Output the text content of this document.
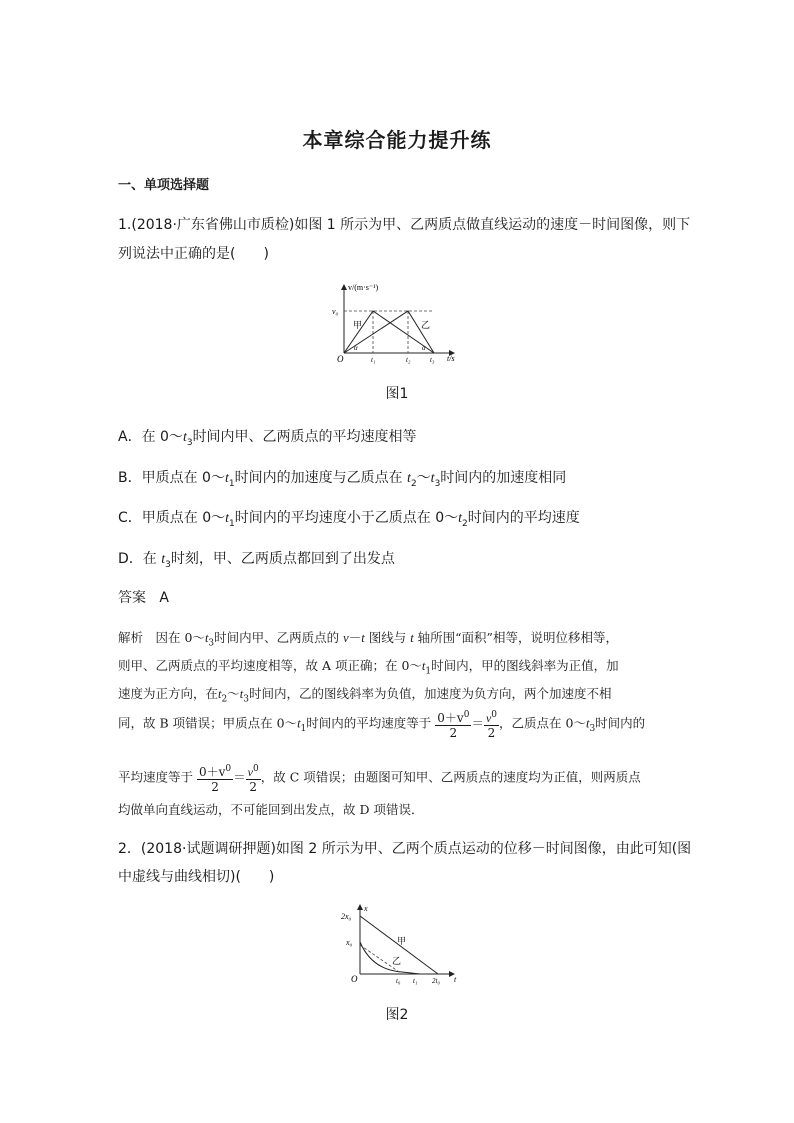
本章综合能力提升练
一、单项选择题
1.(2018·广东省佛山市质检)如图 1 所示为甲、乙两质点做直线运动的速度－时间图像，则下
列说法中正确的是(　　)
v/(m·s⁻¹)
v₀
O	t₁	t₂	t₃ t/s
甲	乙
α	α
图1
A．在 $0\sim t_3$时间内甲、乙两质点的平均速度相等
B．甲质点在 $0\sim t_1$时间内的加速度与乙质点在 $t_2\sim t_3$时间内的加速度相同
C．甲质点在 $0\sim t_1$时间内的平均速度小于乙质点在 $0\sim t_2$时间内的平均速度
D．在 $t_3$时刻，甲、乙两质点都回到了出发点
答案 A
解析　因在 $0\sim t_3$时间内甲、乙两质点的 v－t 图线与 t 轴所围“面积”相等，说明位移相等，
则甲、乙两质点的平均速度相等，故 A 项正确；在 $0\sim t_1$时间内，甲的图线斜率为正值，加
速度为正方向，在$t_2\sim t_3$时间内，乙的图线斜率为负值，加速度为负方向，两个加速度不相
同，故 B 项错误；甲质点在 $0\sim t_1$时间内的平均速度等于 $\frac{0+v^0}{2} = \frac{v^0}{2}$ ，乙质点在 $0\sim t_3$时间内的
平均速度等于 $\frac{0+v^0}{2} = \frac{v^0}{2}$ ，故 C 项错误；由题图可知甲、乙两质点的速度均为正值，则两质点
均做单向直线运动，不可能回到出发点，故 D 项错误．
2．(2018·试题调研押题)如图 2 所示为甲、乙两个质点运动的位移－时间图像，由此可知(图
中虚线与曲线相切)(　　)
2x₀
x
x₀
O	t₀ t₁ 2t₀ t
甲
乙
图2
